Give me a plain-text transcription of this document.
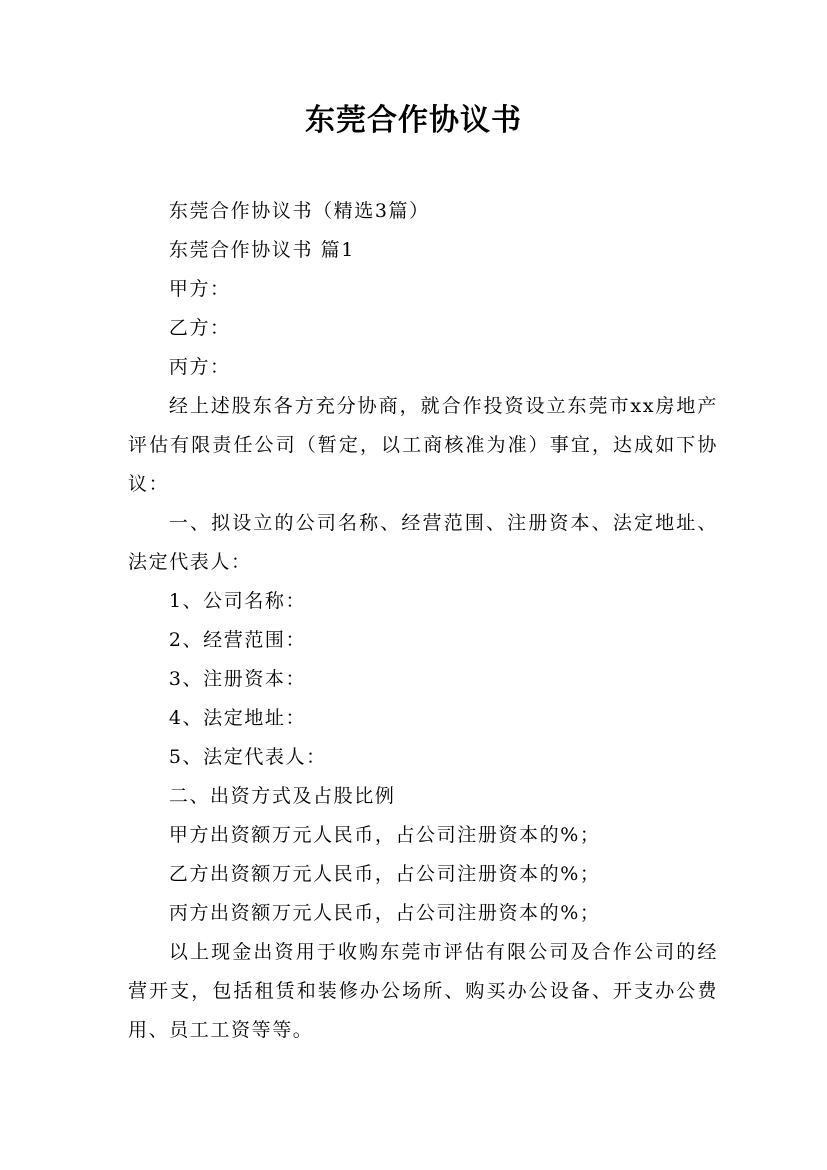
东莞合作协议书

东莞合作协议书（精选3篇）

东莞合作协议书 篇1

甲方：

乙方：

丙方：

经上述股东各方充分协商，就合作投资设立东莞市xx房地产评估有限责任公司（暂定，以工商核准为准）事宜，达成如下协议：

一、拟设立的公司名称、经营范围、注册资本、法定地址、法定代表人：

1、公司名称：

2、经营范围：

3、注册资本：

4、法定地址：

5、法定代表人：

二、出资方式及占股比例

甲方出资额万元人民币，占公司注册资本的%；

乙方出资额万元人民币，占公司注册资本的%；

丙方出资额万元人民币，占公司注册资本的%；

以上现金出资用于收购东莞市评估有限公司及合作公司的经营开支，包括租赁和装修办公场所、购买办公设备、开支办公费用、员工工资等等。
